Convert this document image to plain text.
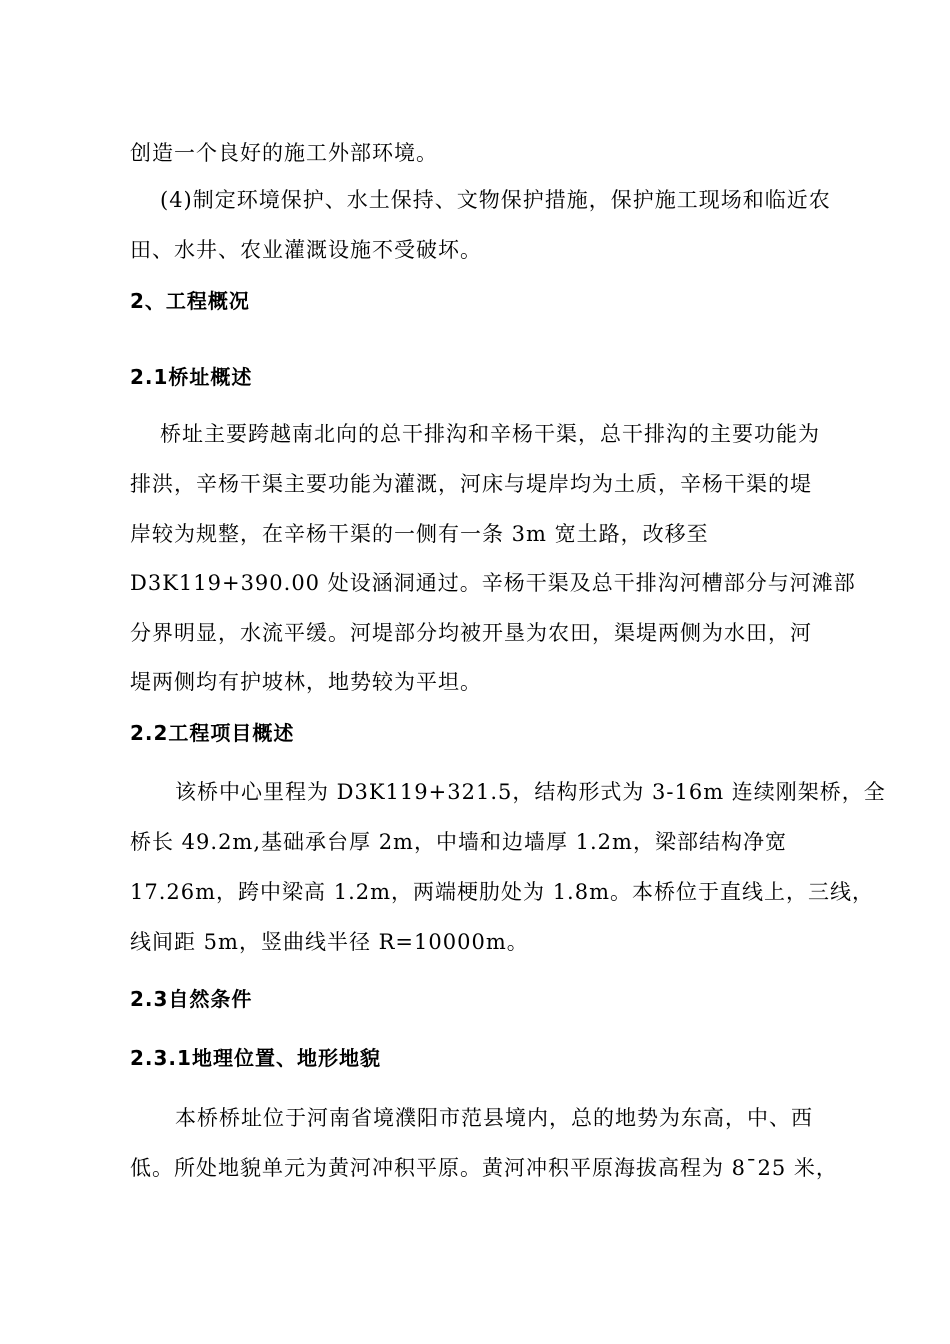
创造一个良好的施工外部环境。
(4)制定环境保护、水土保持、文物保护措施，保护施工现场和临近农
田、水井、农业灌溉设施不受破坏。
2、工程概况
2.1桥址概述
桥址主要跨越南北向的总干排沟和辛杨干渠，总干排沟的主要功能为
排洪，辛杨干渠主要功能为灌溉，河床与堤岸均为土质，辛杨干渠的堤
岸较为规整，在辛杨干渠的一侧有一条 3m 宽土路，改移至
D3K119+390.00 处设涵洞通过。辛杨干渠及总干排沟河槽部分与河滩部
分界明显，水流平缓。河堤部分均被开垦为农田，渠堤两侧为水田，河
堤两侧均有护坡林，地势较为平坦。
2.2工程项目概述
该桥中心里程为 D3K119+321.5，结构形式为 3-16m 连续刚架桥，全
桥长 49.2m,基础承台厚 2m，中墙和边墙厚 1.2m，梁部结构净宽
17.26m，跨中梁高 1.2m，两端梗肋处为 1.8m。本桥位于直线上，三线，
线间距 5m，竖曲线半径 R=10000m。
2.3自然条件
2.3.1地理位置、地形地貌
本桥桥址位于河南省境濮阳市范县境内，总的地势为东高，中、西
低。所处地貌单元为黄河冲积平原。黄河冲积平原海拔高程为 8¯25 米，
